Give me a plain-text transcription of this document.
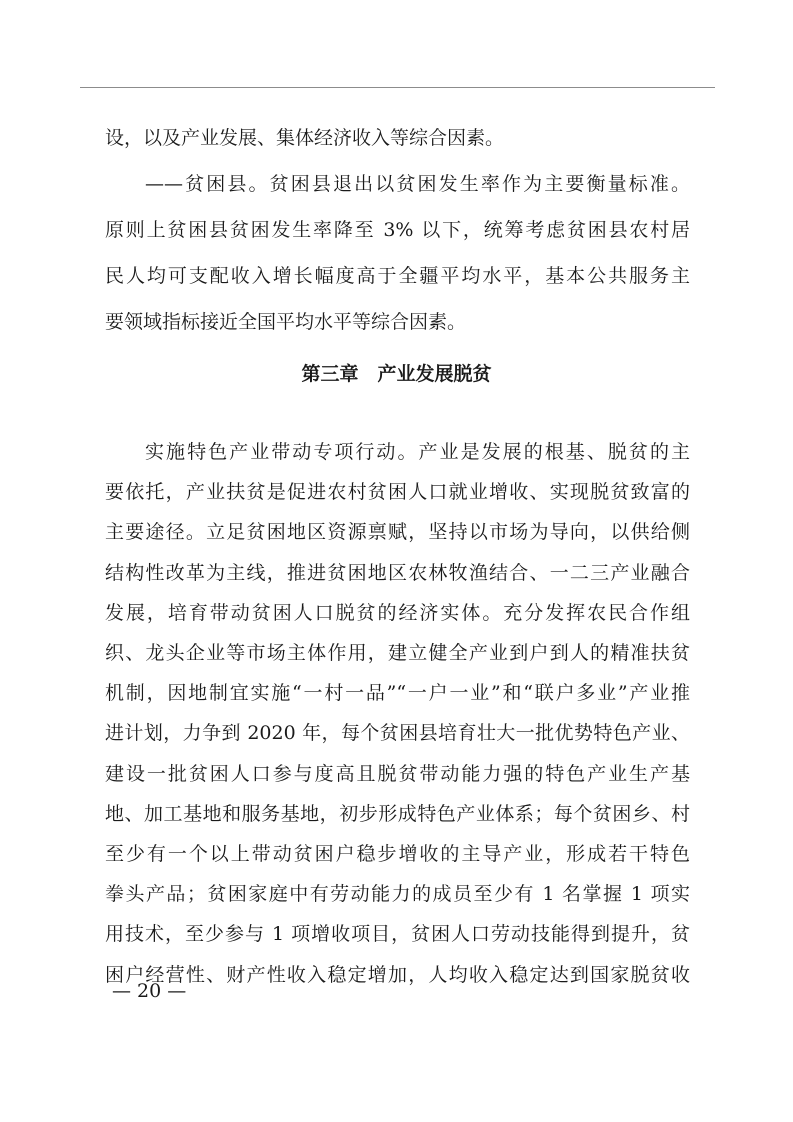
设，以及产业发展、集体经济收入等综合因素。
——贫困县。贫困县退出以贫困发生率作为主要衡量标准。
原则上贫困县贫困发生率降至 3% 以下，统筹考虑贫困县农村居
民人均可支配收入增长幅度高于全疆平均水平，基本公共服务主
要领域指标接近全国平均水平等综合因素。
第三章　产业发展脱贫
实施特色产业带动专项行动。产业是发展的根基、脱贫的主
要依托，产业扶贫是促进农村贫困人口就业增收、实现脱贫致富的
主要途径。立足贫困地区资源禀赋，坚持以市场为导向，以供给侧
结构性改革为主线，推进贫困地区农林牧渔结合、一二三产业融合
发展，培育带动贫困人口脱贫的经济实体。充分发挥农民合作组
织、龙头企业等市场主体作用，建立健全产业到户到人的精准扶贫
机制，因地制宜实施“一村一品”“一户一业”和“联户多业”产业推
进计划，力争到 2020 年，每个贫困县培育壮大一批优势特色产业、
建设一批贫困人口参与度高且脱贫带动能力强的特色产业生产基
地、加工基地和服务基地，初步形成特色产业体系；每个贫困乡、村
至少有一个以上带动贫困户稳步增收的主导产业，形成若干特色
拳头产品；贫困家庭中有劳动能力的成员至少有 1 名掌握 1 项实
用技术，至少参与 1 项增收项目，贫困人口劳动技能得到提升，贫
困户经营性、财产性收入稳定增加，人均收入稳定达到国家脱贫收
— 20 —
